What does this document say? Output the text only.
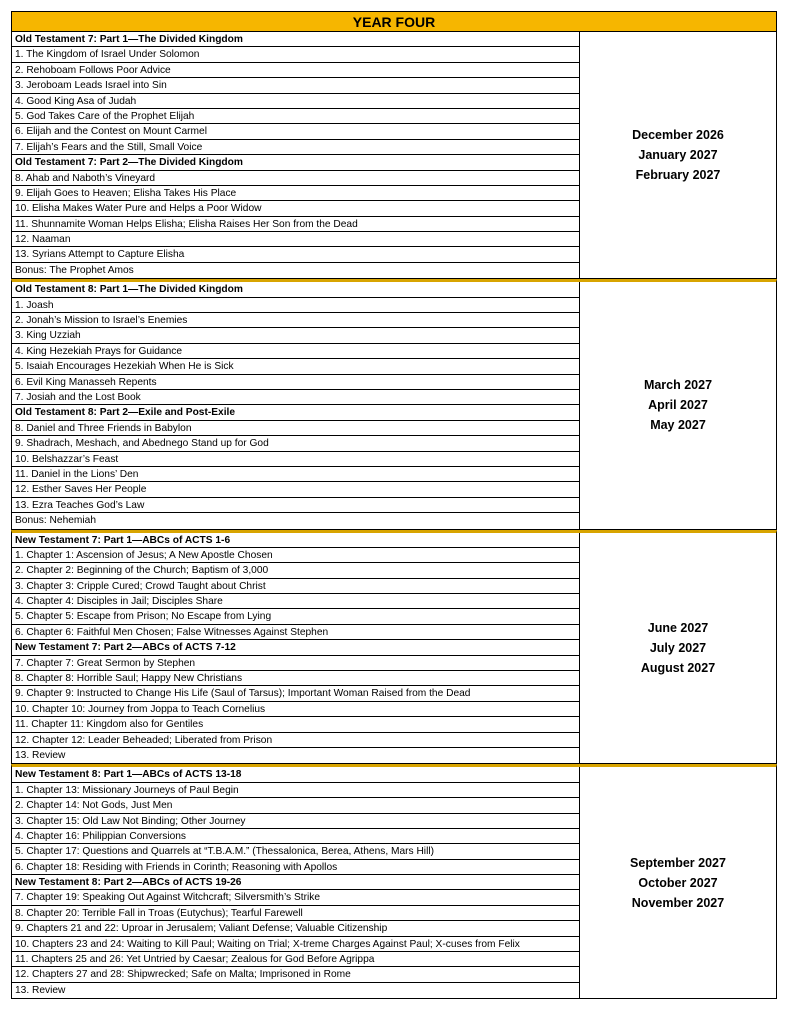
YEAR FOUR
Old Testament 7: Part 1—The Divided Kingdom
1. The Kingdom of Israel Under Solomon
2. Rehoboam Follows Poor Advice
3. Jeroboam Leads Israel into Sin
4. Good King Asa of Judah
5. God Takes Care of the Prophet Elijah
6. Elijah and the Contest on Mount Carmel
7. Elijah’s Fears and the Still, Small Voice
Old Testament 7: Part 2—The Divided Kingdom
8. Ahab and Naboth’s Vineyard
9. Elijah Goes to Heaven; Elisha Takes His Place
10. Elisha Makes Water Pure and Helps a Poor Widow
11. Shunnamite Woman Helps Elisha; Elisha Raises Her Son from the Dead
12. Naaman
13. Syrians Attempt to Capture Elisha
Bonus: The Prophet Amos
December 2026
January 2027
February 2027
Old Testament 8: Part 1—The Divided Kingdom
1. Joash
2. Jonah’s Mission to Israel’s Enemies
3. King Uzziah
4. King Hezekiah Prays for Guidance
5. Isaiah Encourages Hezekiah When He is Sick
6. Evil King Manasseh Repents
7. Josiah and the Lost Book
Old Testament 8: Part 2—Exile and Post-Exile
8. Daniel and Three Friends in Babylon
9. Shadrach, Meshach, and Abednego Stand up for God
10. Belshazzar’s Feast
11. Daniel in the Lions’ Den
12. Esther Saves Her People
13. Ezra Teaches God’s Law
Bonus: Nehemiah
March 2027
April 2027
May 2027
New Testament 7: Part 1—ABCs of ACTS 1-6
1. Chapter 1: Ascension of Jesus; A New Apostle Chosen
2. Chapter 2: Beginning of the Church; Baptism of 3,000
3. Chapter 3: Cripple Cured; Crowd Taught about Christ
4. Chapter 4: Disciples in Jail; Disciples Share
5. Chapter 5: Escape from Prison; No Escape from Lying
6. Chapter 6: Faithful Men Chosen; False Witnesses Against Stephen
New Testament 7: Part 2—ABCs of ACTS 7-12
7. Chapter 7: Great Sermon by Stephen
8. Chapter 8: Horrible Saul; Happy New Christians
9. Chapter 9: Instructed to Change His Life (Saul of Tarsus); Important Woman Raised from the Dead
10. Chapter 10: Journey from Joppa to Teach Cornelius
11. Chapter 11: Kingdom also for Gentiles
12. Chapter 12: Leader Beheaded; Liberated from Prison
13. Review
June 2027
July 2027
August 2027
New Testament 8: Part 1—ABCs of ACTS 13-18
1. Chapter 13: Missionary Journeys of Paul Begin
2. Chapter 14: Not Gods, Just Men
3. Chapter 15: Old Law Not Binding; Other Journey
4. Chapter 16: Philippian Conversions
5. Chapter 17: Questions and Quarrels at “T.B.A.M.” (Thessalonica, Berea, Athens, Mars Hill)
6. Chapter 18: Residing with Friends in Corinth; Reasoning with Apollos
New Testament 8: Part 2—ABCs of ACTS 19-26
7. Chapter 19: Speaking Out Against Witchcraft; Silversmith’s Strike
8. Chapter 20: Terrible Fall in Troas (Eutychus); Tearful Farewell
9. Chapters 21 and 22: Uproar in Jerusalem; Valiant Defense; Valuable Citizenship
10. Chapters 23 and 24: Waiting to Kill Paul; Waiting on Trial; X-treme Charges Against Paul; X-cuses from Felix
11. Chapters 25 and 26: Yet Untried by Caesar; Zealous for God Before Agrippa
12. Chapters 27 and 28: Shipwrecked; Safe on Malta; Imprisoned in Rome
13. Review
September 2027
October 2027
November 2027
